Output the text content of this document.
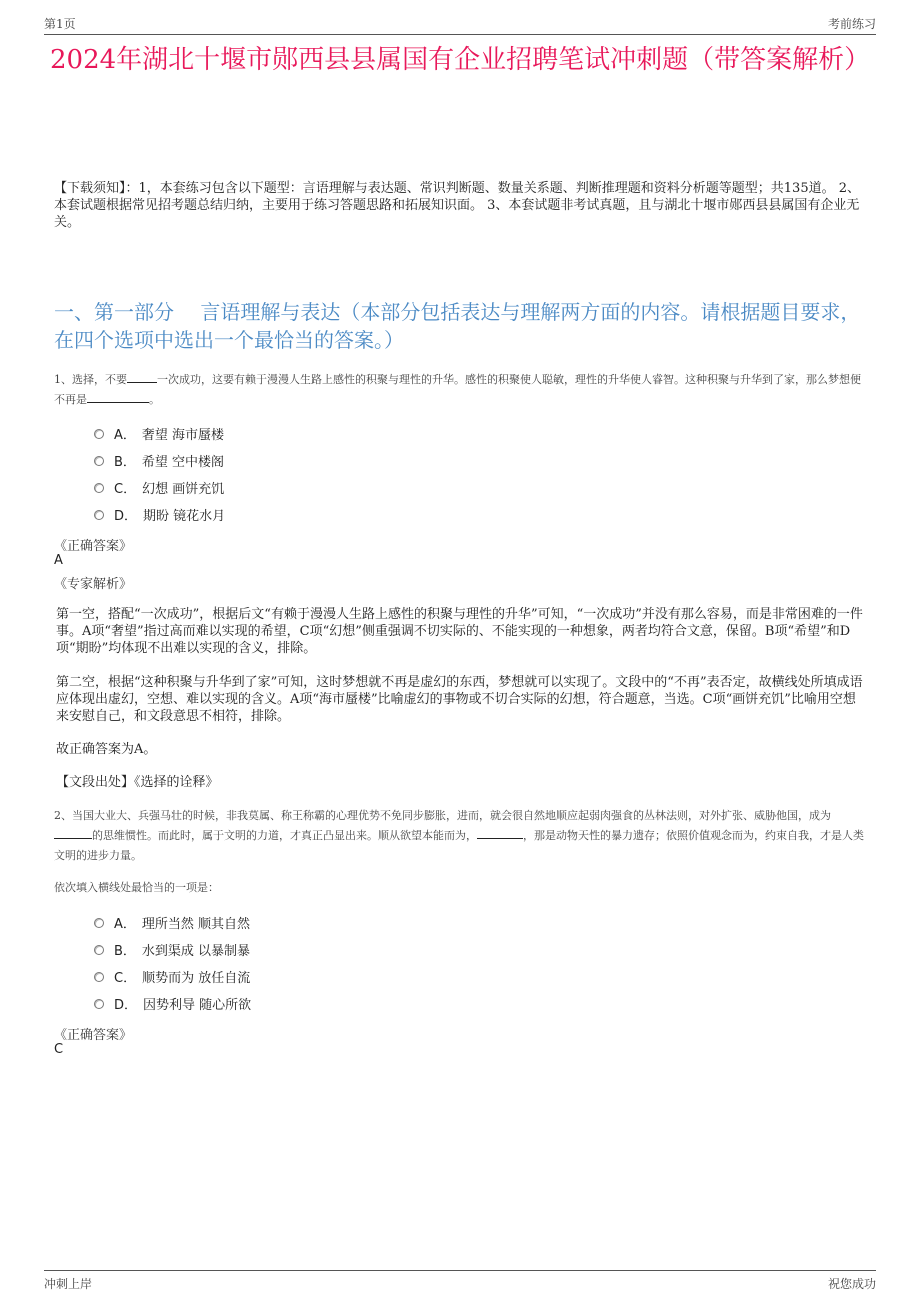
第1页	考前练习
2024年湖北十堰市郧西县县属国有企业招聘笔试冲刺题（带答案解析）
【下载须知】：1，本套练习包含以下题型：言语理解与表达题、常识判断题、数量关系题、判断推理题和资料分析题等题型；共135道。 2、本套试题根据常见招考题总结归纳，主要用于练习答题思路和拓展知识面。 3、本套试题非考试真题，且与湖北十堰市郧西县县属国有企业无关。
一、第一部分　 言语理解与表达（本部分包括表达与理解两方面的内容。请根据题目要求，在四个选项中选出一个最恰当的答案。）
1、选择，不要	一次成功，这要有赖于漫漫人生路上感性的积聚与理性的升华。感性的积聚使人聪敏，理性的升华使人睿智。这种积聚与升华到了家，那么梦想便不再是	。
A． 奢望 海市蜃楼
B． 希望 空中楼阁
C． 幻想 画饼充饥
D． 期盼 镜花水月
《正确答案》
A
《专家解析》
第一空，搭配“一次成功”，根据后文“有赖于漫漫人生路上感性的积聚与理性的升华”可知，“一次成功”并没有那么容易，而是非常困难的一件事。A项“奢望”指过高而难以实现的希望，C项“幻想”侧重强调不切实际的、不能实现的一种想象，两者均符合文意，保留。B项“希望”和D项“期盼”均体现不出难以实现的含义，排除。
第二空，根据“这种积聚与升华到了家”可知，这时梦想就不再是虚幻的东西，梦想就可以实现了。文段中的“不再”表否定，故横线处所填成语应体现出虚幻，空想、难以实现的含义。A项“海市蜃楼”比喻虚幻的事物或不切合实际的幻想，符合题意，当选。C项“画饼充饥”比喻用空想来安慰自己，和文段意思不相符，排除。
故正确答案为A。
【文段出处】《选择的诠释》
2、当国大业大、兵强马壮的时候，非我莫属、称王称霸的心理优势不免同步膨胀，进而，就会很自然地顺应起弱肉强食的丛林法则，对外扩张、威胁他国，成为的思维惯性。而此时，属于文明的力道，才真正凸显出来。顺从欲望本能而为，	，那是动物天性的暴力遗存；依照价值观念而为，约束自我，才是人类文明的进步力量。
依次填入横线处最恰当的一项是：
A． 理所当然 顺其自然
B． 水到渠成 以暴制暴
C． 顺势而为 放任自流
D． 因势利导 随心所欲
《正确答案》
C
冲刺上岸	祝您成功
